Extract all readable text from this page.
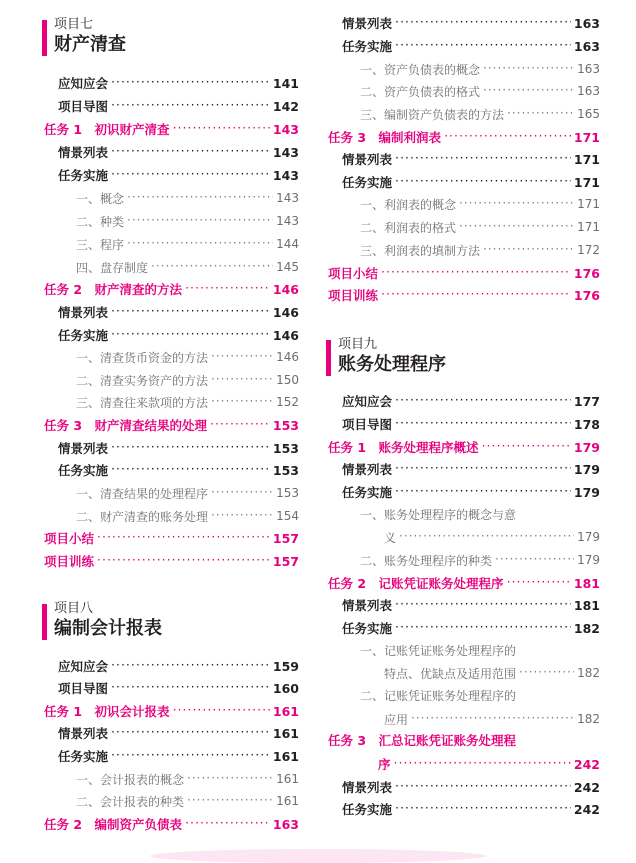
项目七
财产清查
应知应会 ·····	141
项目导图 ·····	142
任务 1　初识财产清查 ·····	143
情景列表 ·····	143
任务实施 ·····	143
一、概念 ·····	143
二、种类 ·····	143
三、程序 ·····	144
四、盘存制度 ·····	145
任务 2　财产清查的方法 ·····	146
情景列表 ·····	146
任务实施 ·····	146
一、清查货币资金的方法 ·····	146
二、清查实务资产的方法 ·····	150
三、清查往来款项的方法 ·····	152
任务 3　财产清查结果的处理 ·····	153
情景列表 ·····	153
任务实施 ·····	153
一、清查结果的处理程序 ·····	153
二、财产清查的账务处理 ·····	154
项目小结 ·····	157
项目训练 ·····	157
项目八
编制会计报表
应知应会 ·····	159
项目导图 ·····	160
任务 1　初识会计报表 ·····	161
情景列表 ·····	161
任务实施 ·····	161
一、会计报表的概念 ·····	161
二、会计报表的种类 ·····	161
任务 2　编制资产负债表 ·····	163
情景列表 ·····	163
任务实施 ·····	163
一、资产负债表的概念 ·····	163
二、资产负债表的格式 ·····	163
三、编制资产负债表的方法 ·····	165
任务 3　编制利润表 ·····	171
情景列表 ·····	171
任务实施 ·····	171
一、利润表的概念 ·····	171
二、利润表的格式 ·····	171
三、利润表的填制方法 ·····	172
项目小结 ·····	176
项目训练 ·····	176
项目九
账务处理程序
应知应会 ·····	177
项目导图 ·····	178
任务 1　账务处理程序概述 ·····	179
情景列表 ·····	179
任务实施 ·····	179
一、账务处理程序的概念与意
义 ·····	179
二、账务处理程序的种类 ·····	179
任务 2　记账凭证账务处理程序 ·····	181
情景列表 ·····	181
任务实施 ·····	182
一、记账凭证账务处理程序的
特点、优缺点及适用范围 ·····	182
二、记账凭证账务处理程序的
应用 ·····	182
任务 3　汇总记账凭证账务处理程
序 ·····	242
情景列表 ·····	242
任务实施 ·····	242
